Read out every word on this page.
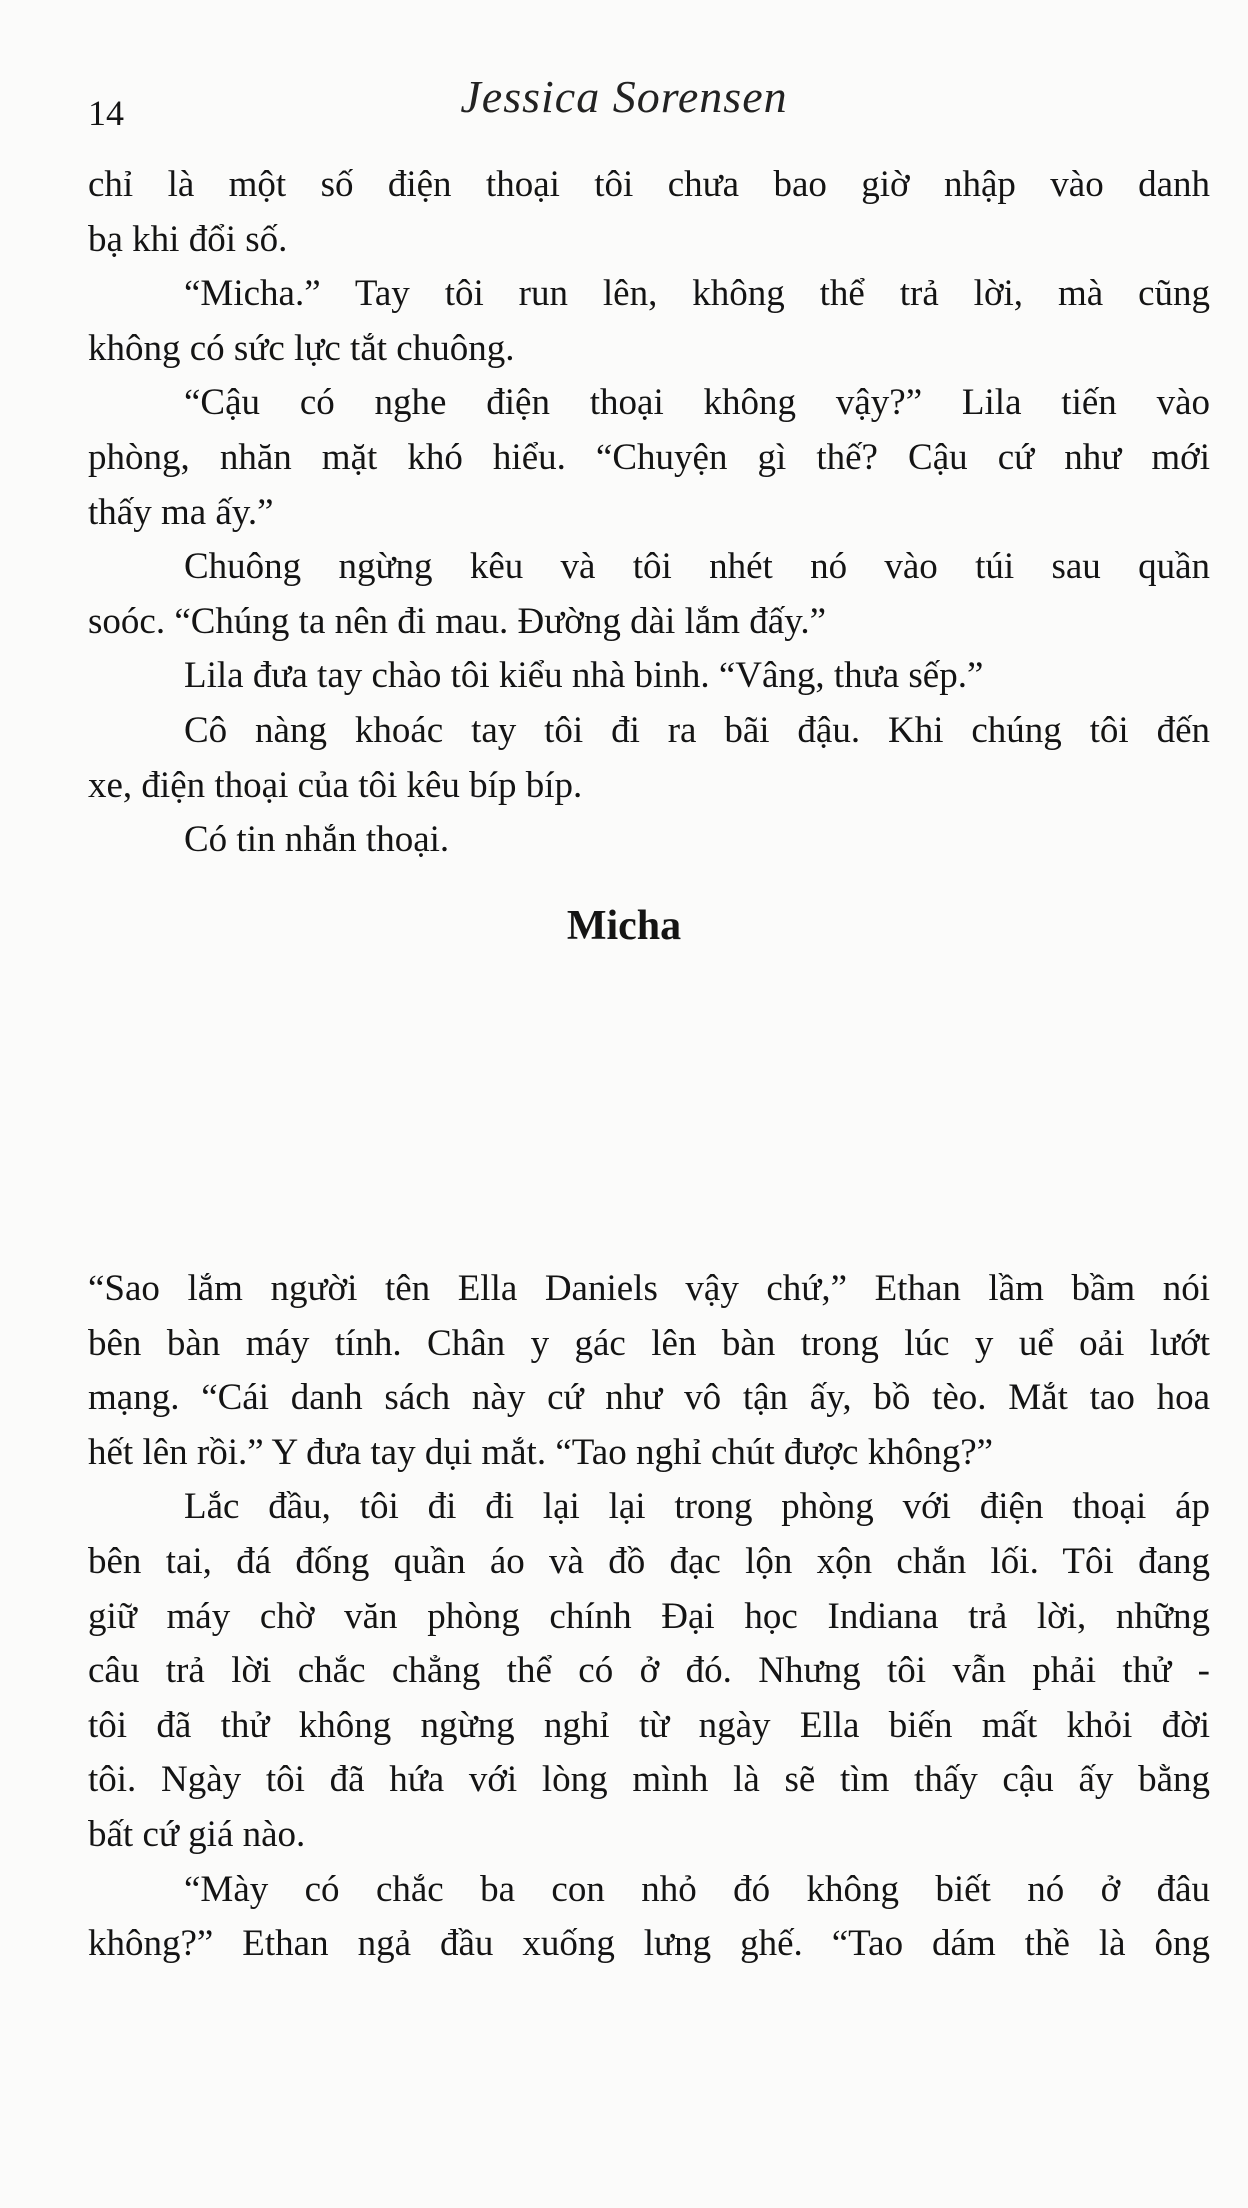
14	Jessica Sorensen
chỉ là một số điện thoại tôi chưa bao giờ nhập vào danh
bạ khi đổi số.
“Micha.” Tay tôi run lên, không thể trả lời, mà cũng
không có sức lực tắt chuông.
“Cậu có nghe điện thoại không vậy?” Lila tiến vào
phòng, nhăn mặt khó hiểu. “Chuyện gì thế? Cậu cứ như mới
thấy ma ấy.”
Chuông ngừng kêu và tôi nhét nó vào túi sau quần
soóc. “Chúng ta nên đi mau. Đường dài lắm đấy.”
Lila đưa tay chào tôi kiểu nhà binh. “Vâng, thưa sếp.”
Cô nàng khoác tay tôi đi ra bãi đậu. Khi chúng tôi đến
xe, điện thoại của tôi kêu bíp bíp.
Có tin nhắn thoại.
Micha
“Sao lắm người tên Ella Daniels vậy chứ,” Ethan lầm bầm nói
bên bàn máy tính. Chân y gác lên bàn trong lúc y uể oải lướt
mạng. “Cái danh sách này cứ như vô tận ấy, bồ tèo. Mắt tao hoa
hết lên rồi.” Y đưa tay dụi mắt. “Tao nghỉ chút được không?”
Lắc đầu, tôi đi đi lại lại trong phòng với điện thoại áp
bên tai, đá đống quần áo và đồ đạc lộn xộn chắn lối. Tôi đang
giữ máy chờ văn phòng chính Đại học Indiana trả lời, những
câu trả lời chắc chẳng thể có ở đó. Nhưng tôi vẫn phải thử -
tôi đã thử không ngừng nghỉ từ ngày Ella biến mất khỏi đời
tôi. Ngày tôi đã hứa với lòng mình là sẽ tìm thấy cậu ấy bằng
bất cứ giá nào.
“Mày có chắc ba con nhỏ đó không biết nó ở đâu
không?” Ethan ngả đầu xuống lưng ghế. “Tao dám thề là ông
